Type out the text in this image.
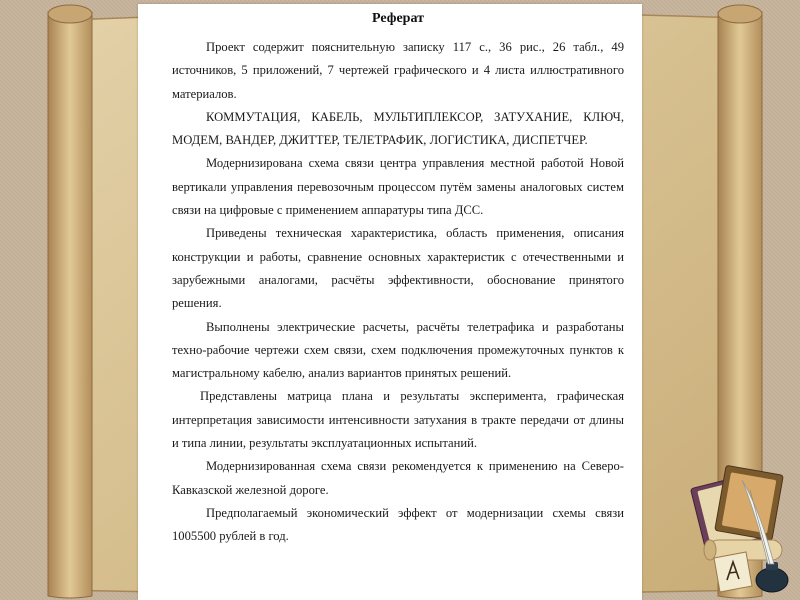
Реферат

Проект содержит пояснительную записку 117 с., 36 рис., 26 табл., 49 источников, 5 приложений, 7 чертежей графического и 4 листа иллюстративного материалов.

КОММУТАЦИЯ, КАБЕЛЬ, МУЛЬТИПЛЕКСОР, ЗАТУХАНИЕ, КЛЮЧ, МОДЕМ, ВАНДЕР, ДЖИТТЕР, ТЕЛЕТРАФИК, ЛОГИСТИКА, ДИСПЕТЧЕР.

Модернизирована схема связи центра управления местной работой Новой вертикали управления перевозочным процессом путём замены аналоговых систем связи на цифровые с применением аппаратуры типа ДСС.

Приведены техническая характеристика, область применения, описания конструкции и работы, сравнение основных характеристик с отечественными и зарубежными аналогами, расчёты эффективности, обоснование принятого решения.

Выполнены электрические расчеты, расчёты телетрафика и разработаны техно-рабочие чертежи схем связи, схем подключения промежуточных пунктов к магистральному кабелю, анализ вариантов принятых решений.

Представлены матрица плана и результаты эксперимента, графическая интерпретация зависимости интенсивности затухания в тракте передачи от длины и типа линии, результаты эксплуатационных испытаний.

Модернизированная схема связи рекомендуется к применению на Северо-Кавказской железной дороге.

Предполагаемый экономический эффект от модернизации схемы связи 1005500 рублей в год.
